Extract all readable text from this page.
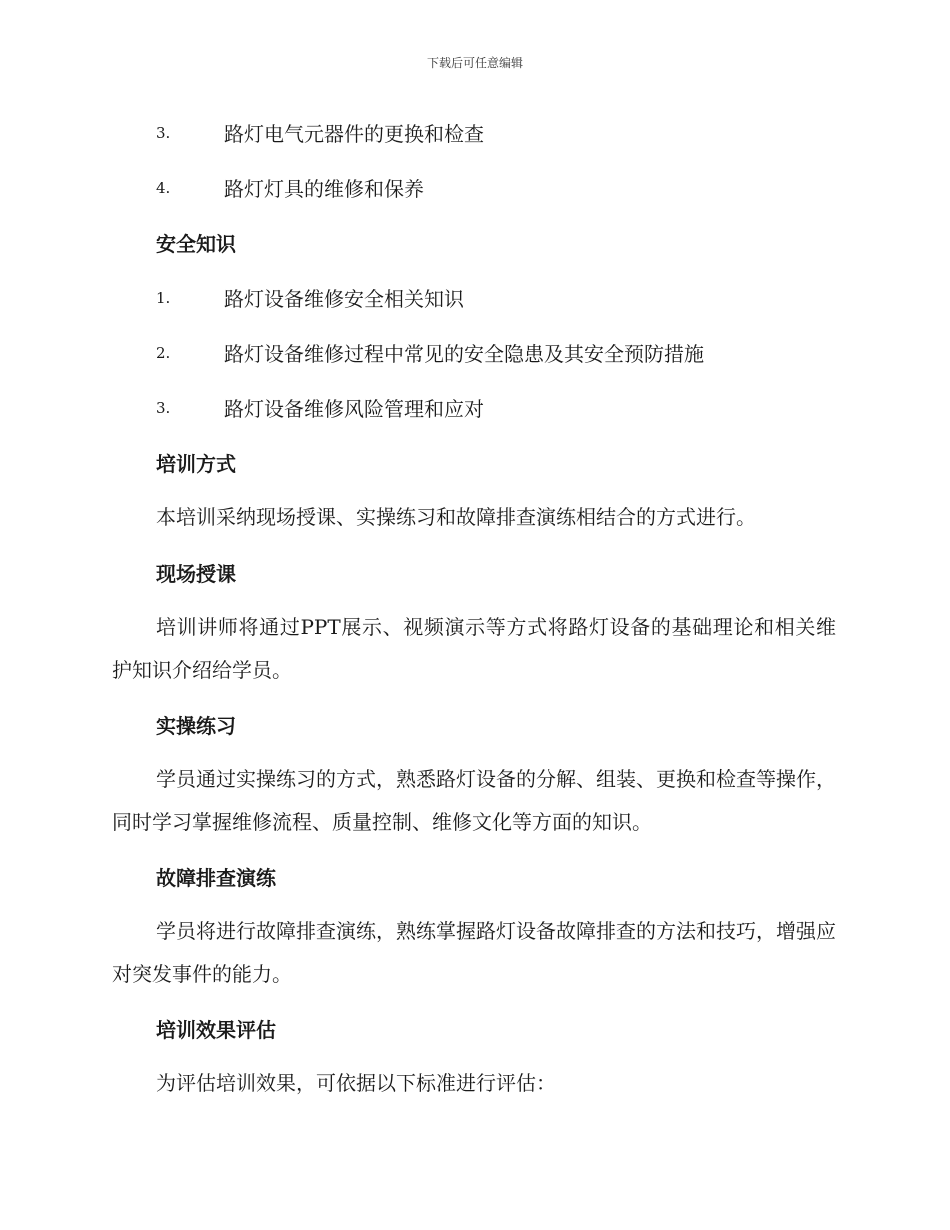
下载后可任意编辑
3.	路灯电气元器件的更换和检查
4.	路灯灯具的维修和保养
安全知识
1.	路灯设备维修安全相关知识
2.	路灯设备维修过程中常见的安全隐患及其安全预防措施
3.	路灯设备维修风险管理和应对
培训方式

本培训采纳现场授课、实操练习和故障排查演练相结合的方式进行。

现场授课

培训讲师将通过PPT展示、视频演示等方式将路灯设备的基础理论和相关维护知识介绍给学员。

实操练习

学员通过实操练习的方式，熟悉路灯设备的分解、组装、更换和检查等操作，同时学习掌握维修流程、质量控制、维修文化等方面的知识。

故障排查演练

学员将进行故障排查演练，熟练掌握路灯设备故障排查的方法和技巧，增强应对突发事件的能力。

培训效果评估

为评估培训效果，可依据以下标准进行评估：
